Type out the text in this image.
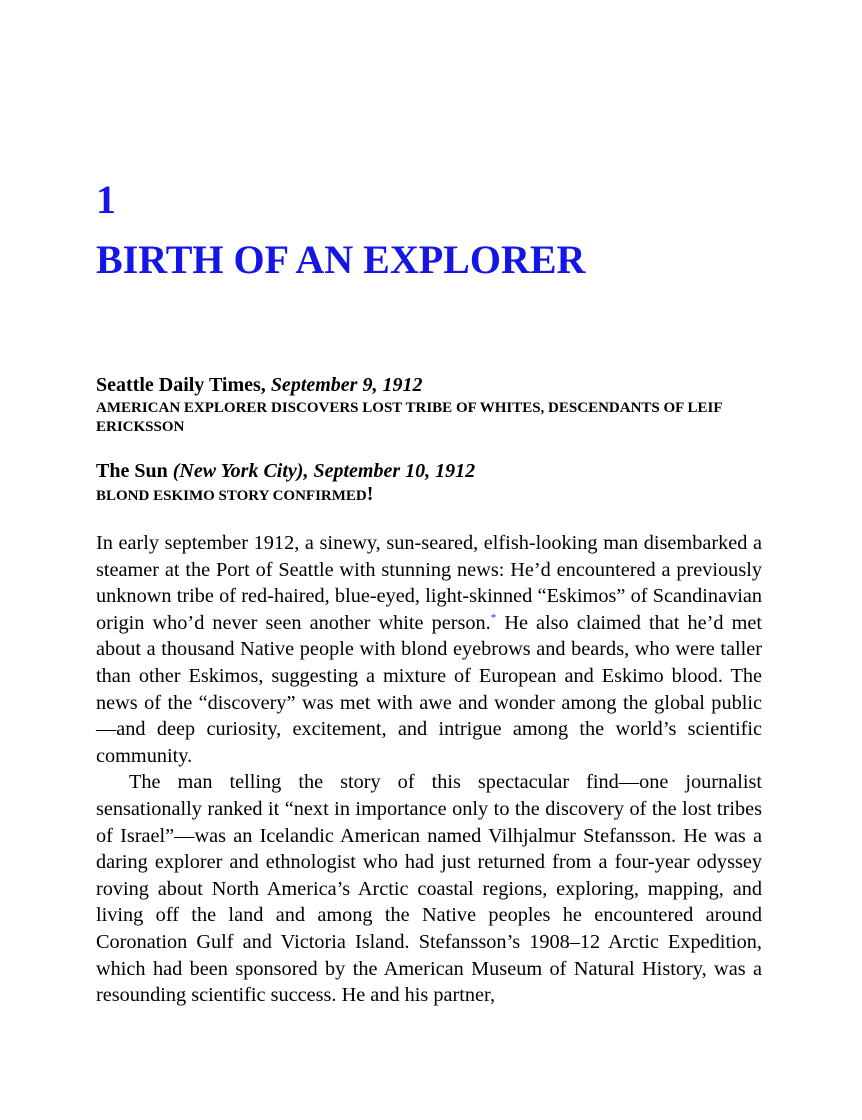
1
BIRTH OF AN EXPLORER

Seattle Daily Times, September 9, 1912

AMERICAN EXPLORER DISCOVERS LOST TRIBE OF WHITES, DESCENDANTS OF LEIF ERICKSSON

The Sun (New York City), September 10, 1912

BLOND ESKIMO STORY CONFIRMED!

In early september 1912, a sinewy, sun-seared, elfish-looking man disembarked a steamer at the Port of Seattle with stunning news: He’d encountered a previously unknown tribe of red-haired, blue-eyed, light-skinned “Eskimos” of Scandinavian origin who’d never seen another white person.* He also claimed that he’d met about a thousand Native people with blond eyebrows and beards, who were taller than other Eskimos, suggesting a mixture of European and Eskimo blood. The news of the “discovery” was met with awe and wonder among the global public—and deep curiosity, excitement, and intrigue among the world’s scientific community.

The man telling the story of this spectacular find—one journalist sensationally ranked it “next in importance only to the discovery of the lost tribes of Israel”—was an Icelandic American named Vilhjalmur Stefansson. He was a daring explorer and ethnologist who had just returned from a four-year odyssey roving about North America’s Arctic coastal regions, exploring, mapping, and living off the land and among the Native peoples he encountered around Coronation Gulf and Victoria Island. Stefansson’s 1908–12 Arctic Expedition, which had been sponsored by the American Museum of Natural History, was a resounding scientific success. He and his partner,
